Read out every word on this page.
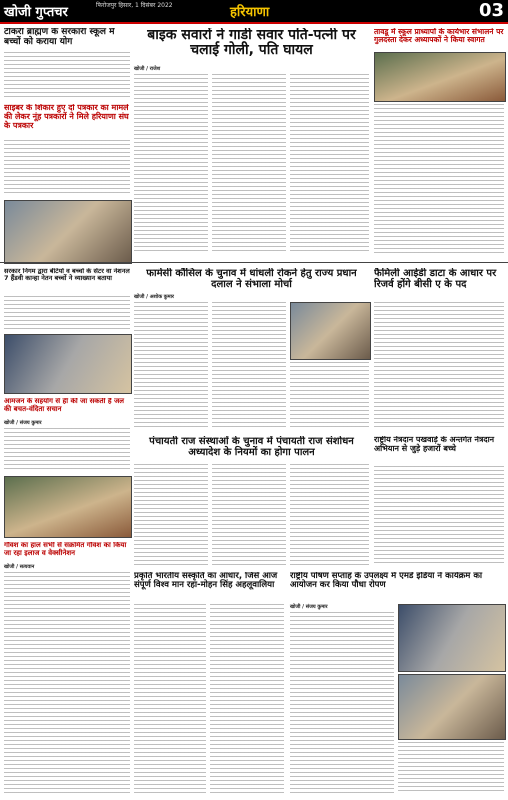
खोजी गुप्तचर	फिरोजपुर हिसार, 1 दिसंबर 2022	हरियाणा	03
टीकरी ब्राह्मण के सरकारी स्कूल में बच्चों को कराया योग
साइबर के शिकार हुए दो पत्रकार का मामले की लेकर नूंह पत्रकारों ने मिले हरियाणा संघ के पत्रकार
बाइक सवारों ने गाडी सवार पति-पत्नी पर चलाई गोली, पति घायल
खोजी / राजेश
तावडू में स्कूल प्राध्यापों के कार्यभार संभालने पर गुलदस्ता देकर अध्यापकों ने किया स्वागत
सरकार निगम द्वारा बेटियों व बच्चों के सेंटर वा नेशनल 7 हैंडवी कान्हा नेतन बच्चों ने व्याख्यान बताया	फार्मेसी कौंसिल के चुनाव में धांधली रोकने हेतु राज्य प्रधान दलाल ने संभाला मोर्चा
खोजी / अशोक कुमार
फैमिली आईडी डाटा के आधार पर रिजर्व होंगे बीसी ए के पद
आमजन के सहयोग से ही की जा सकती है जल की बचत-वंदिता सचान
खोजी / संजय कुमार
पंचायती राज संस्थाओं के चुनाव में पंचायती राज संशोधन अध्यादेश के नियमों का होगा पालन
राष्ट्रीय नेत्रदान पखवाड़े के अन्तर्गत नेत्रदान अभियान से जुड़े हजारों बच्चे
गौवंश का हाल सभी से संक्रमित गौवंश का किया जा रहा इलाज व वेक्सीनेशन
खोजी / सत्यवान
प्रकृति भारतीय संस्कृति का आधार, जिसे आज संपूर्ण विश्व मान रहा-मोहन सिंह अहलूवालिया
राष्ट्रीय पोषण सप्ताह के उपलक्ष्य में एमडे इंडिया ने कार्यक्रम का आयोजन कर किया पौधा रोपण
खोजी / संजय कुमार
